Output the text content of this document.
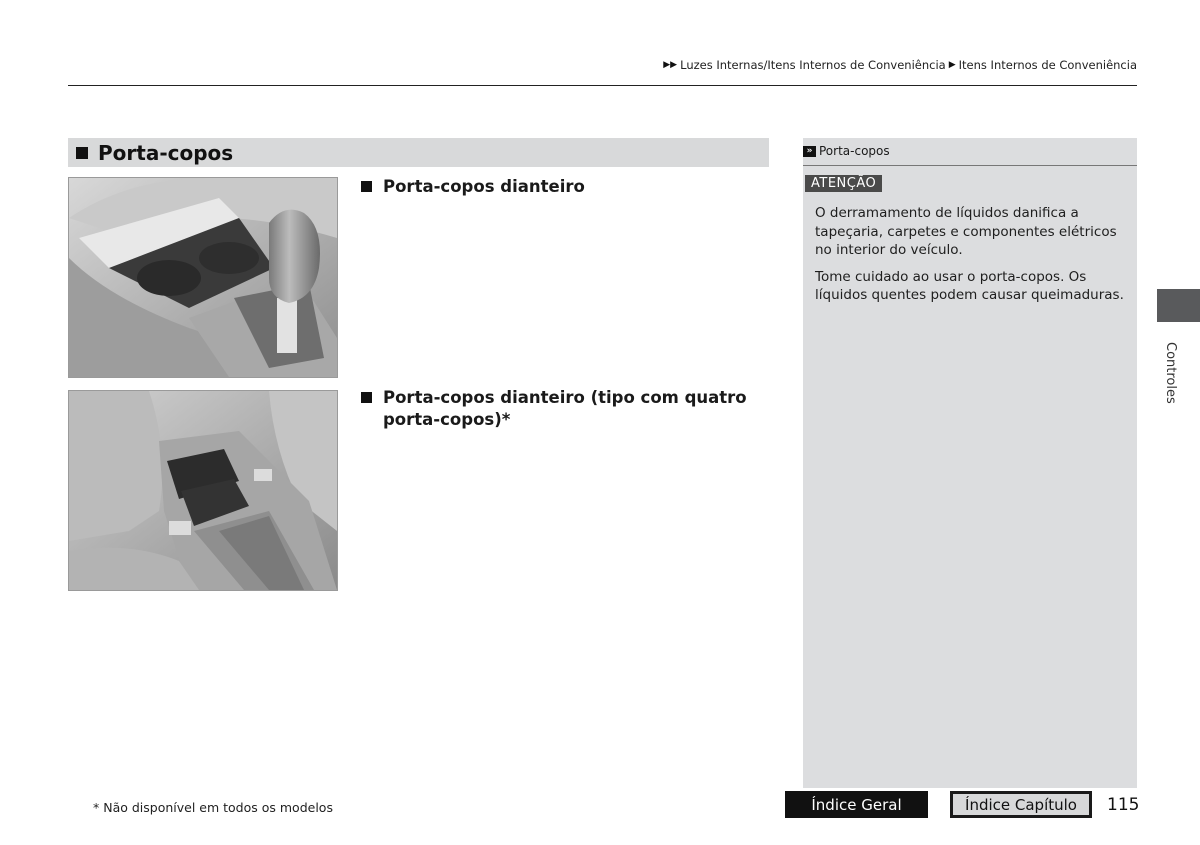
▶▶ Luzes Internas/Itens Internos de Conveniência ▶ Itens Internos de Conveniência
Porta-copos
Porta-copos dianteiro
Porta-copos dianteiro (tipo com quatro porta-copos)*
» Porta-copos
ATENÇÃO

O derramamento de líquidos danifica a tapeçaria, carpetes e componentes elétricos no interior do veículo.

Tome cuidado ao usar o porta-copos. Os líquidos quentes podem causar queimaduras.

Controles
* Não disponível em todos os modelos	Índice Geral	Índice Capítulo	115
